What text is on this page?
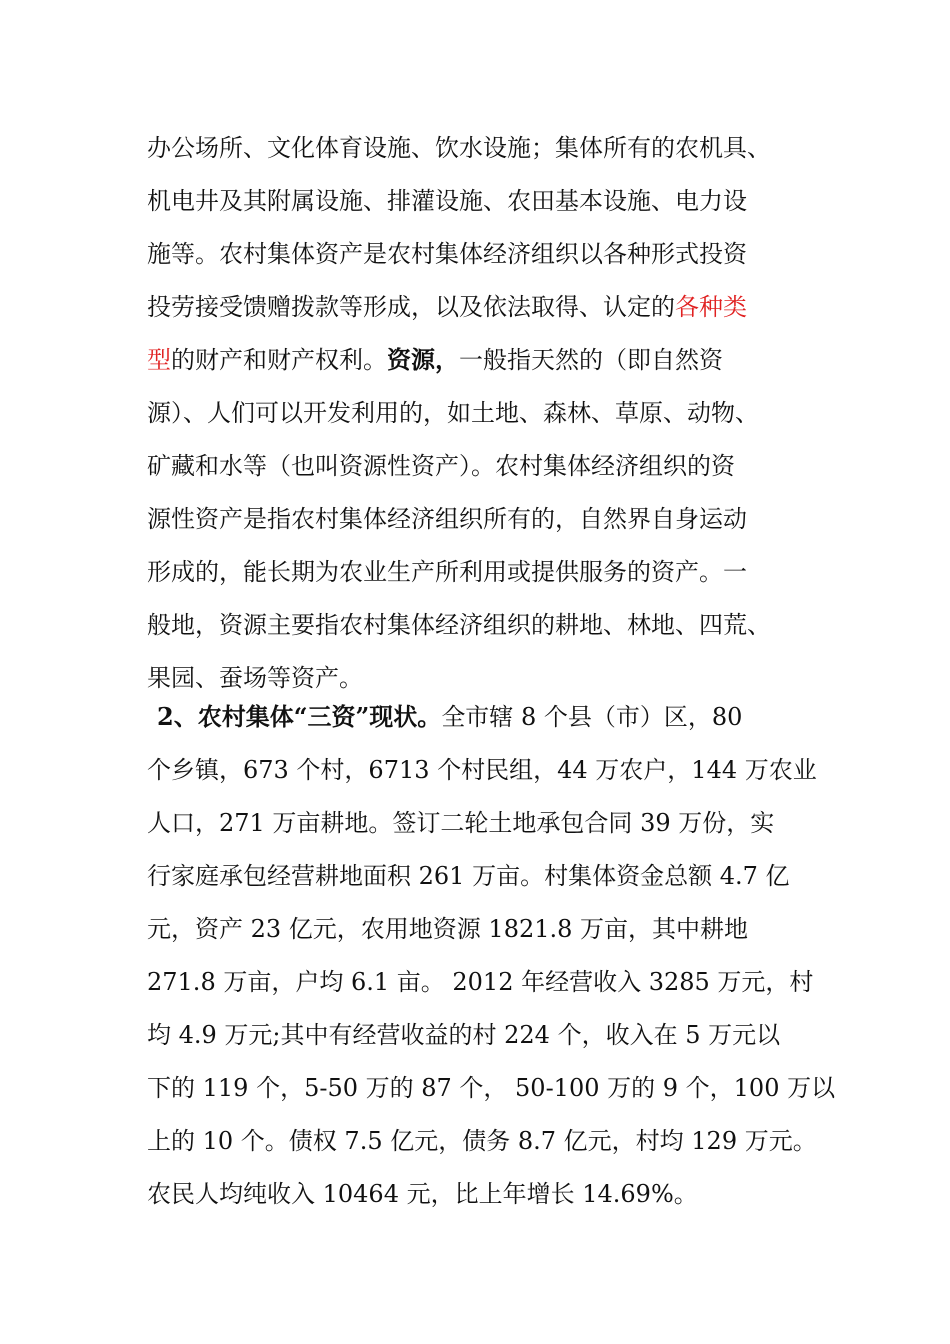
办公场所、文化体育设施、饮水设施；集体所有的农机具、
机电井及其附属设施、排灌设施、农田基本设施、电力设
施等。农村集体资产是农村集体经济组织以各种形式投资
投劳接受馈赠拨款等形成，以及依法取得、认定的各种类
型的财产和财产权利。资源，一般指天然的（即自然资
源）、人们可以开发利用的，如土地、森林、草原、动物、
矿藏和水等（也叫资源性资产）。农村集体经济组织的资
源性资产是指农村集体经济组织所有的，自然界自身运动
形成的，能长期为农业生产所利用或提供服务的资产。一
般地，资源主要指农村集体经济组织的耕地、林地、四荒、
果园、蚕场等资产。
2、农村集体“三资”现状。全市辖 8 个县（市）区，80
个乡镇，673 个村，6713 个村民组，44 万农户，144 万农业
人口，271 万亩耕地。签订二轮土地承包合同 39 万份，实
行家庭承包经营耕地面积 261 万亩。村集体资金总额 4.7 亿
元，资产 23 亿元，农用地资源 1821.8 万亩，其中耕地
271.8 万亩，户均 6.1 亩。 2012 年经营收入 3285 万元，村
均 4.9 万元;其中有经营收益的村 224 个，收入在 5 万元以
下的 119 个，5-50 万的 87 个， 50-100 万的 9 个，100 万以
上的 10 个。债权 7.5 亿元，债务 8.7 亿元，村均 129 万元。
农民人均纯收入 10464 元，比上年增长 14.69%。
